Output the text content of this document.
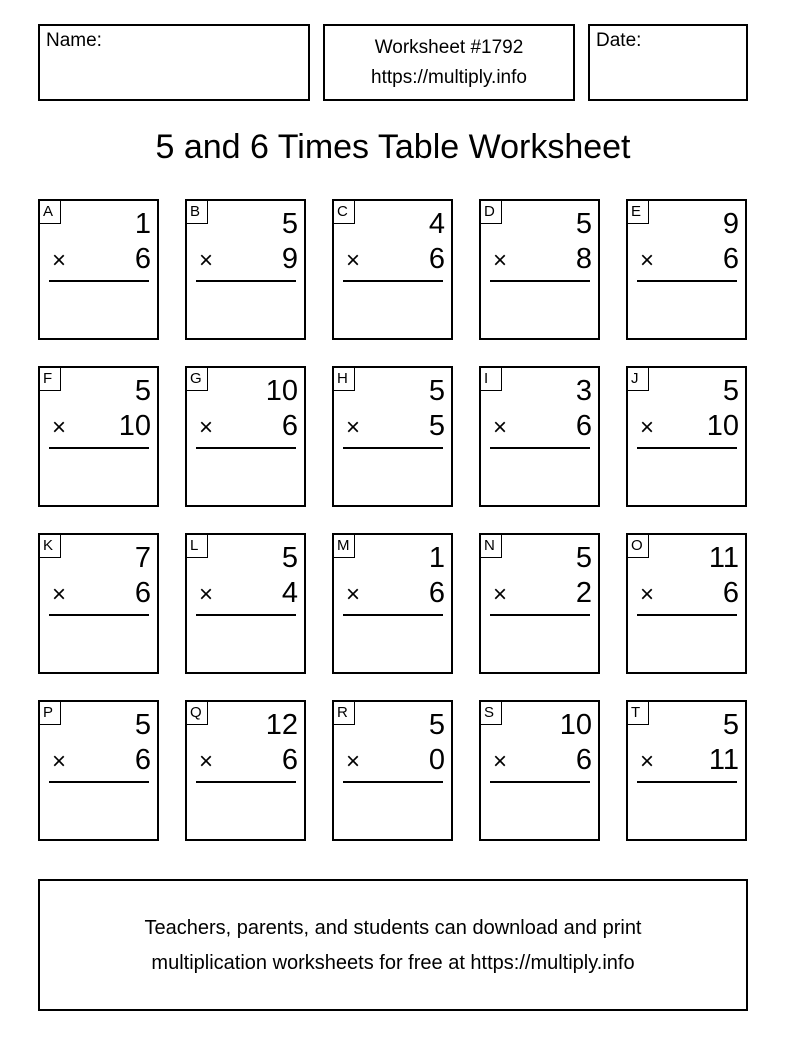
Name:	Worksheet #1792
https://multiply.info
Date:
5 and 6 Times Table Worksheet
A	1
× 6
B	5
× 9
C	4
× 6
D	5
× 8
E	9
× 6
F	5
× 10
G 10
× 6
H	5
× 5
I	3
× 6
J	5
× 10
K	7
× 6
L	5
× 4
M	1
× 6
N	5
× 2
O 11
× 6
P	5
× 6
Q 12
× 6
R	5
× 0
S 10
× 6
T	5
× 11
Teachers, parents, and students can download and print
multiplication worksheets for free at https://multiply.info
